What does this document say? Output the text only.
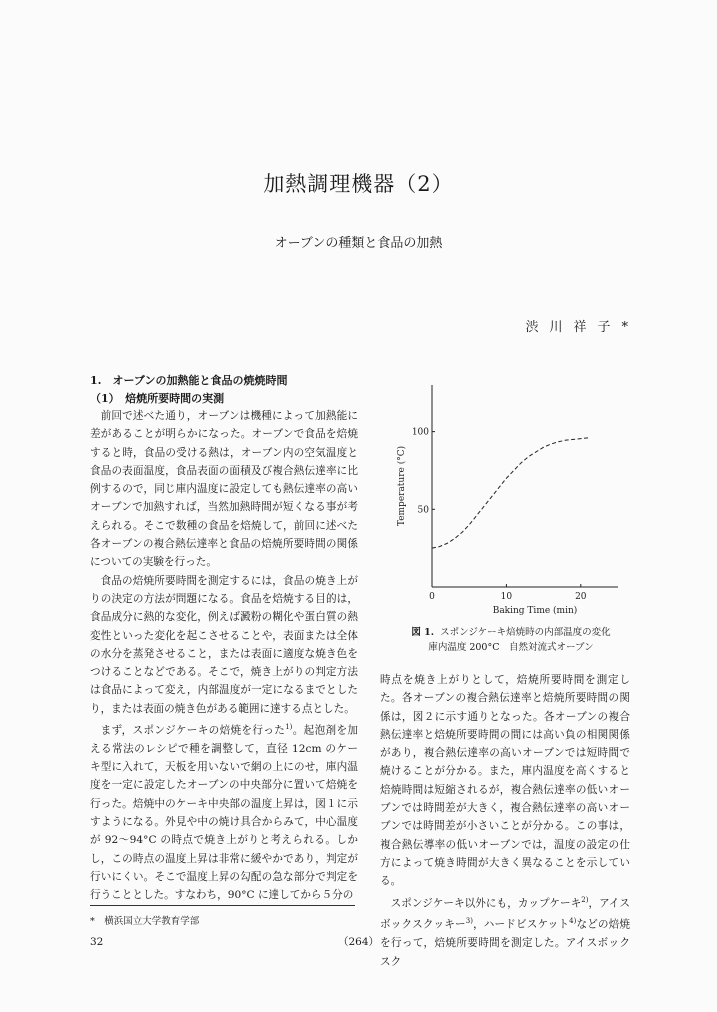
加熱調理機器（2）
オーブンの種類と食品の加熱
渋川祥子*
1.　オーブンの加熱能と食品の焼焼時間
（1）　焙焼所要時間の実測

前回で述べた通り，オーブンは機種によって加熱能に差があることが明らかになった。オーブンで食品を焙焼すると時，食品の受ける熱は，オーブン内の空気温度と食品の表面温度，食品表面の面積及び複合熱伝達率に比例するので，同じ庫内温度に設定しても熱伝達率の高いオーブンで加熱すれば，当然加熱時間が短くなる事が考えられる。そこで数種の食品を焙焼して，前回に述べた各オーブンの複合熱伝達率と食品の焙焼所要時間の関係についての実験を行った。

食品の焙焼所要時間を測定するには，食品の焼き上がりの決定の方法が問題になる。食品を焙焼する目的は，食品成分に熱的な変化，例えば澱粉の糊化や蛋白質の熱変性といった変化を起こさせることや，表面または全体の水分を蒸発させること，または表面に適度な焼き色をつけることなどである。そこで，焼き上がりの判定方法は食品によって変え，内部温度が一定になるまでとしたり，または表面の焼き色がある範囲に達する点とした。

まず，スポンジケーキの焙焼を行った$^{1)}$。起泡剤を加える常法のレシピで種を調整して，直径 12cm のケーキ型に入れて，天板を用いないで網の上にのせ，庫内温度を一定に設定したオーブンの中央部分に置いて焙焼を行った。焙焼中のケーキ中央部の温度上昇は，図１に示すようになる。外見や中の焼け具合からみて，中心温度が 92～94°C の時点で焼き上がりと考えられる。しかし，この時点の温度上昇は非常に緩やかであり，判定が行いにくい。そこで温度上昇の勾配の急な部分で判定を行うこととした。すなわち，90°C に達してから５分の

0	10	20
50
100
Baking Time (min)
Temperature (°C)
図 1. スポンジケーキ焙焼時の内部温度の変化
庫内温度 200°C　自然対流式オーブン

時点を焼き上がりとして，焙焼所要時間を測定した。各オーブンの複合熱伝達率と焙焼所要時間の関係は，図２に示す通りとなった。各オーブンの複合熱伝達率と焙焼所要時間の間には高い負の相関関係があり，複合熱伝達率の高いオーブンでは短時間で焼けることが分かる。また，庫内温度を高くすると焙焼時間は短縮されるが，複合熱伝達率の低いオーブンでは時間差が大きく，複合熱伝達率の高いオーブンでは時間差が小さいことが分かる。この事は，複合熱伝導率の低いオーブンでは，温度の設定の仕方によって焼き時間が大きく異なることを示している。

スポンジケーキ以外にも，カップケーキ$^{2)}$，アイスボックスクッキー$^{3)}$，ハードビスケット$^{4)}$などの焙焼を行って，焙焼所要時間を測定した。アイスボックスク

*　横浜国立大学教育学部
32	（264）
